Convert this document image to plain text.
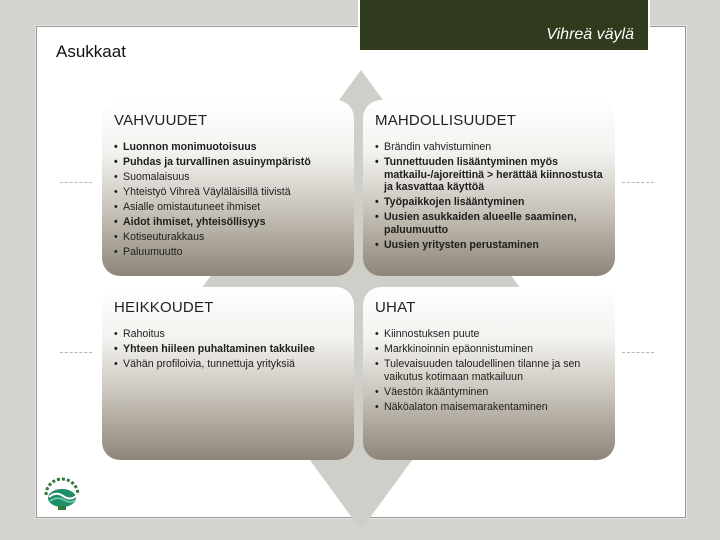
Vihreä väylä
Asukkaat
VAHVUUDET
• Luonnon monimuotoisuus
• Puhdas ja turvallinen asuinympäristö
• Suomalaisuus
• Yhteistyö Vihreä Väyläläisillä tiivistä
• Asialle omistautuneet ihmiset
• Aidot ihmiset, yhteisöllisyys
• Kotiseuturakkaus
• Paluumuutto
MAHDOLLISUUDET
• Brändin vahvistuminen
• Tunnettuuden lisääntyminen myös matkailu-/ajoreittinä > herättää kiinnostusta ja kasvattaa käyttöä
• Työpaikkojen lisääntyminen
• Uusien asukkaiden alueelle saaminen, paluumuutto
• Uusien yritysten perustaminen
HEIKKOUDET
• Rahoitus
• Yhteen hiileen puhaltaminen takkuilee
• Vähän profiloivia, tunnettuja yrityksiä
UHAT
• Kiinnostuksen puute
• Markkinoinnin epäonnistuminen
• Tulevaisuuden taloudellinen tilanne ja sen vaikutus kotimaan matkailuun
• Väestön ikääntyminen
• Näköalaton maisemarakentaminen
